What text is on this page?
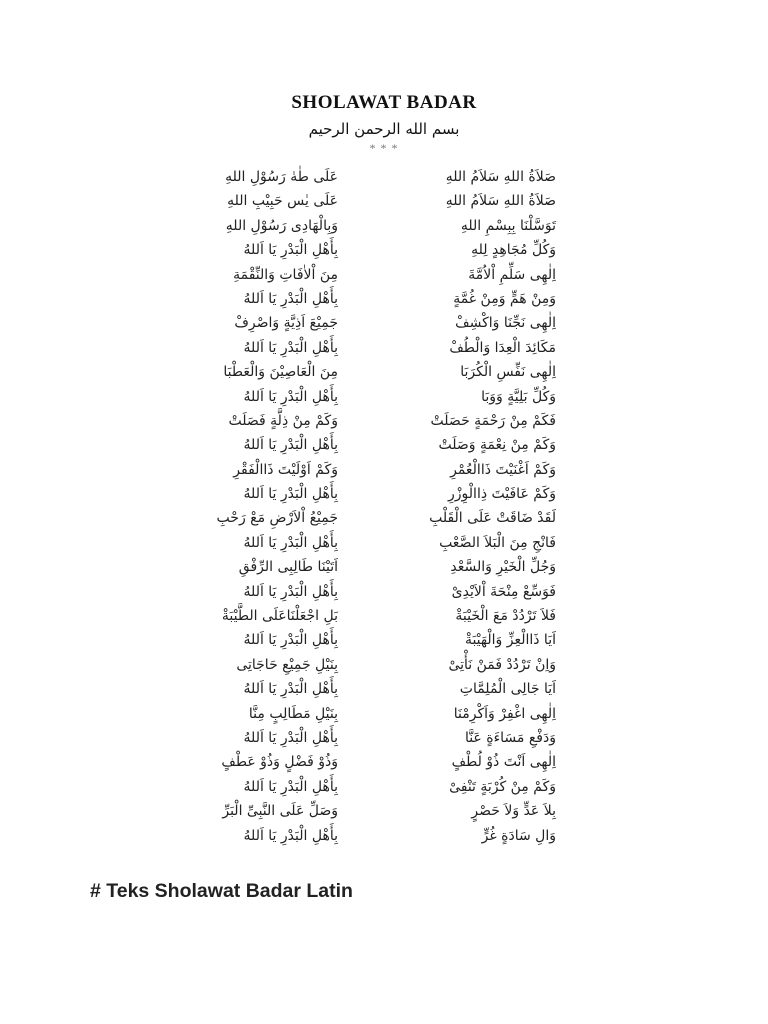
SHOLAWAT BADAR
بسم الله الرحمن الرحيم
* * *
صَلاَةُ اللهِ سَلاَمُ اللهِ
عَلَى طٰهٰ رَسُوْلِ اللهِ
صَلاَةُ اللهِ سَلاَمُ اللهِ
عَلَى يٰس حَبِيْبِ اللهِ
تَوَسَّلْنَا بِبِسْمِ اللهِ
وَبِالْهَادِى رَسُوْلِ اللهِ
وَكُلِّ مُجَاهِدٍ لِلهِ
بِأَهْلِ الْبَدْرِ يَا اَللهُ
اِلٰهِى سَلِّمِ اْلاُمَّةَ
مِنَ اْلاٰفَاتِ وَالنِّقْمَةِ
وَمِنْ هَمٍّ وَمِنْ غُمَّةٍ
بِأَهْلِ الْبَدْرِ يَا اَللهُ
اِلٰهِى نَجِّنَا وَاكْشِفْ
جَمِيْعَ اَذِيَّةٍ وَاصْرِفْ
مَكَائِدَ الْعِدَا وَالْطُفْ
بِأَهْلِ الْبَدْرِ يَا اَللهُ
اِلٰهِى نَفِّسِ الْكُرَبَا
مِنَ الْعَاصِيْنَ وَالْعَطْبَا
وَكُلِّ بَلِيَّةٍ وَوَبَا
بِأَهْلِ الْبَدْرِ يَا اَللهُ
فَكَمْ مِنْ رَحْمَةٍ حَصَلَتْ
وَكَمْ مِنْ ذِلَّةٍ فَصَلَتْ
وَكَمْ مِنْ نِعْمَةٍ وَصَلَتْ
بِأَهْلِ الْبَدْرِ يَا اَللهُ
وَكَمْ اَغْنَيْتَ ذَاالْعُمْرِ
وَكَمْ اَوْلَيْتَ ذَاالْفَقْرِ
وَكَمْ عَافَيْتَ ذِاالْوِزْرِ
بِأَهْلِ الْبَدْرِ يَا اَللهُ
لَقَدْ ضَاقَتْ عَلَى الْقَلْبِ
جَمِيْعُ اْلاَرْضِ مَعْ رَحْبِ
فَانْجِ مِنَ الْبَلاَ الصَّعْبِ
بِأَهْلِ الْبَدْرِ يَا اَللهُ
وَجُلِّ الْخَيْرِ وَالسَّعْدِ
اَتَيْنَا طَالِبِى الرِّفْقِ
فَوَسِّعْ مِنْحَةَ اْلاَيْدِىْ
بِأَهْلِ الْبَدْرِ يَا اَللهُ
فَلاَ تَرْدُدْ مَعَ الْخَيْبَةْ
بَلِ اجْعَلْنَاعَلَى الطَّيْبَةْ
اَيَا ذَاالْعِزِّ وَالْهَيْبَةْ
بِأَهْلِ الْبَدْرِ يَا اَللهُ
وَاِنْ تَرْدُدْ فَمَنْ نَأْتِىْ
بِنَيْلِ جَمِيْعِ حَاجَاتِى
اَيَا جَالِى الْمُلِمَّاتِ
بِأَهْلِ الْبَدْرِ يَا اَللهُ
اِلٰهِى اغْفِرْ وَاَكْرِمْنَا
بِنَيْلِ مَطَالِبٍ مِنَّا
وَدَفْعِ مَسَاءَةٍ عَنَّا
بِأَهْلِ الْبَدْرِ يَا اَللهُ
اِلٰهِى اَنْتَ ذُوْ لُطْفٍ
وَذُوْ فَضْلٍ وَذُوْ عَطْفٍ
وَكَمْ مِنْ كُرْبَةٍ تَنْفِىْ
بِأَهْلِ الْبَدْرِ يَا اَللهُ
بِلاَ عَدٍّ وَلاَ حَصْرٍ
وَصَلِّ عَلَى النَّبِىِّ الْبَرِّ
وَالِ سَادَةٍ غُرٍّ
بِأَهْلِ الْبَدْرِ يَا اَللهُ
# Teks Sholawat Badar Latin
